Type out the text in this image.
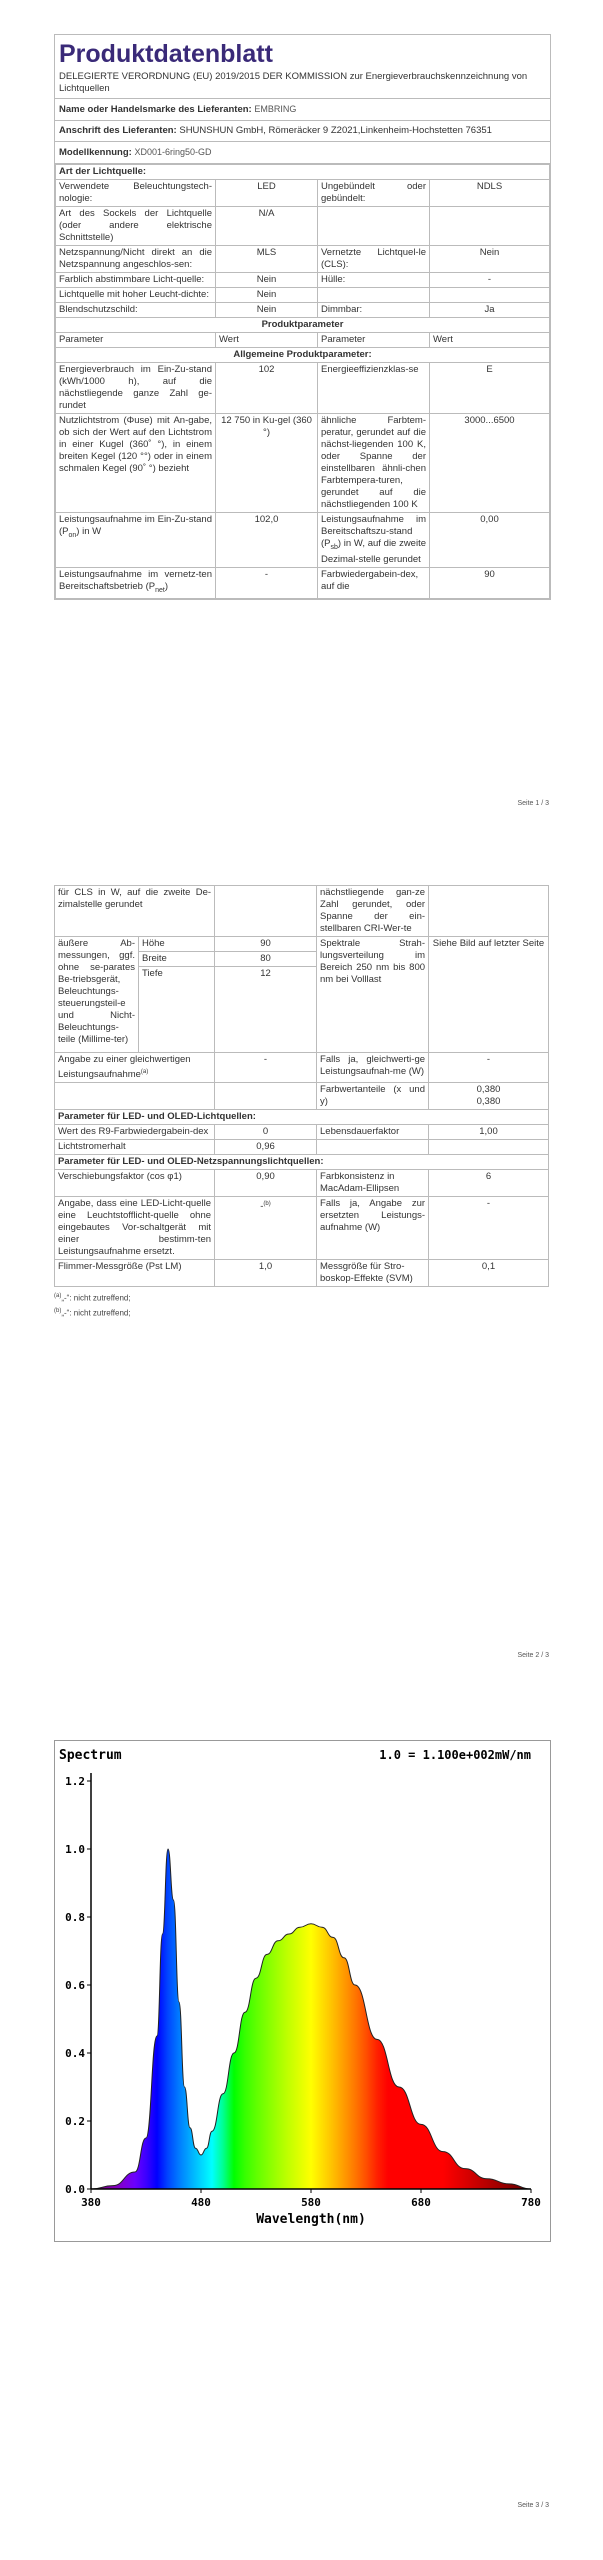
Produktdatenblatt
DELEGIERTE VERORDNUNG (EU) 2019/2015 DER KOMMISSION zur Energieverbrauchskennzeichnung von Lichtquellen
Name oder Handelsmarke des Lieferanten: EMBRING
Anschrift des Lieferanten: SHUNSHUN GmbH, Römeräcker 9 Z2021,Linkenheim-Hochstetten 76351
Modellkennung: XD001-6ring50-GD
Art der Lichtquelle:			
Verwendete Beleuchtungstech-nologie:	LED	Ungebündelt oder gebündelt:	NDLS
Art des Sockels der Lichtquelle (oder andere elektrische Schnittstelle)	N/A		
Netzspannung/Nicht direkt an die Netzspannung angeschlos-sen:	MLS	Vernetzte Lichtquel-le (CLS):	Nein
Farblich abstimmbare Licht-quelle:	Nein	Hülle:	-
Lichtquelle mit hoher Leucht-dichte:	Nein		
Blendschutzschild:	Nein	Dimmbar:	Ja
Produktparameter			
Parameter	Wert	Parameter	Wert
Allgemeine Produktparameter:			
Energieverbrauch im Ein-Zu-stand (kWh/1000 h), auf die nächstliegende ganze Zahl ge-rundet	102	Energieeffizienzklas-se	E
Nutzlichtstrom (Φuse) mit An-gabe, ob sich der Wert auf den Lichtstrom in einer Kugel (360˚ °), in einem breiten Kegel (120 °°) oder in einem schmalen Kegel (90˚ °) bezieht	12 750 in Ku-gel (360 °)	ähnliche Farbtem-peratur, gerundet auf die nächst-liegenden 100 K, oder Spanne der einstellbaren ähnli-chen Farbtempera-turen, gerundet auf die nächstliegenden 100 K	3000...6500
Leistungsaufnahme im Ein-Zu-stand $(P_{on})$ in W	102,0	Leistungsaufnahme im Bereitschaftszu-stand $(P_{sb})$ in W, auf die zweite Dezimal-stelle gerundet	0,00
Leistungsaufnahme im vernetz-ten Bereitschaftsbetrieb $(P_{net})$	-	Farbwiedergabein-dex, auf die	90
Seite 1 / 3
für CLS in W, auf die zweite De-zimalstelle gerundet			nächstliegende gan-ze Zahl gerundet, oder Spanne der ein-stellbaren CRI-Wer-te	
äußere Ab-messungen, ggf. ohne se-parates Be-triebsgerät, Beleuchtungs-steuerungsteil-e und Nicht-Beleuchtungs-teile (Millime-ter)	Höhe	90	Spektrale Strah-lungsverteilung im Bereich 250 nm bis 800 nm bei Volllast	Siehe Bild auf letzter Seite
	Breite	80		
	Tiefe	12		
Angabe zu einer gleichwertigen Leistungsaufnahme$^{(a)}$		-	Falls ja, gleichwerti-ge Leistungsaufnah-me (W)	-
			Farbwertanteile (x und y)	0,380
0,380

Parameter für LED- und OLED-Lichtquellen:				
Wert des R9-Farbwiedergabein-dex		0	Lebensdauerfaktor	1,00
Lichtstromerhalt		0,96		
Parameter für LED- und OLED-Netzspannungslichtquellen:				
Verschiebungsfaktor (cos φ1)		0,90	Farbkonsistenz in MacAdam-Ellipsen	6
Angabe, dass eine LED-Licht-quelle eine Leuchtstofflicht-quelle ohne eingebautes Vor-schaltgerät mit einer bestimm-ten Leistungsaufnahme ersetzt.		-$^{(b)}$	Falls ja, Angabe zur ersetzten Leistungs-aufnahme (W)	-
Flimmer-Messgröße (Pst LM)		1,0	Messgröße für Stro-boskop-Effekte (SVM)	0,1
$^{(a)}$„-“: nicht zutreffend;
$^{(b)}$„-“: nicht zutreffend;
Seite 2 / 3
0.0
0.2
0.4
0.6
0.8
1.0
1.2
380	480	580	680	780
Wavelength(nm)
Spectrum	1.0 = 1.100e+002mW/nm
Seite 3 / 3
